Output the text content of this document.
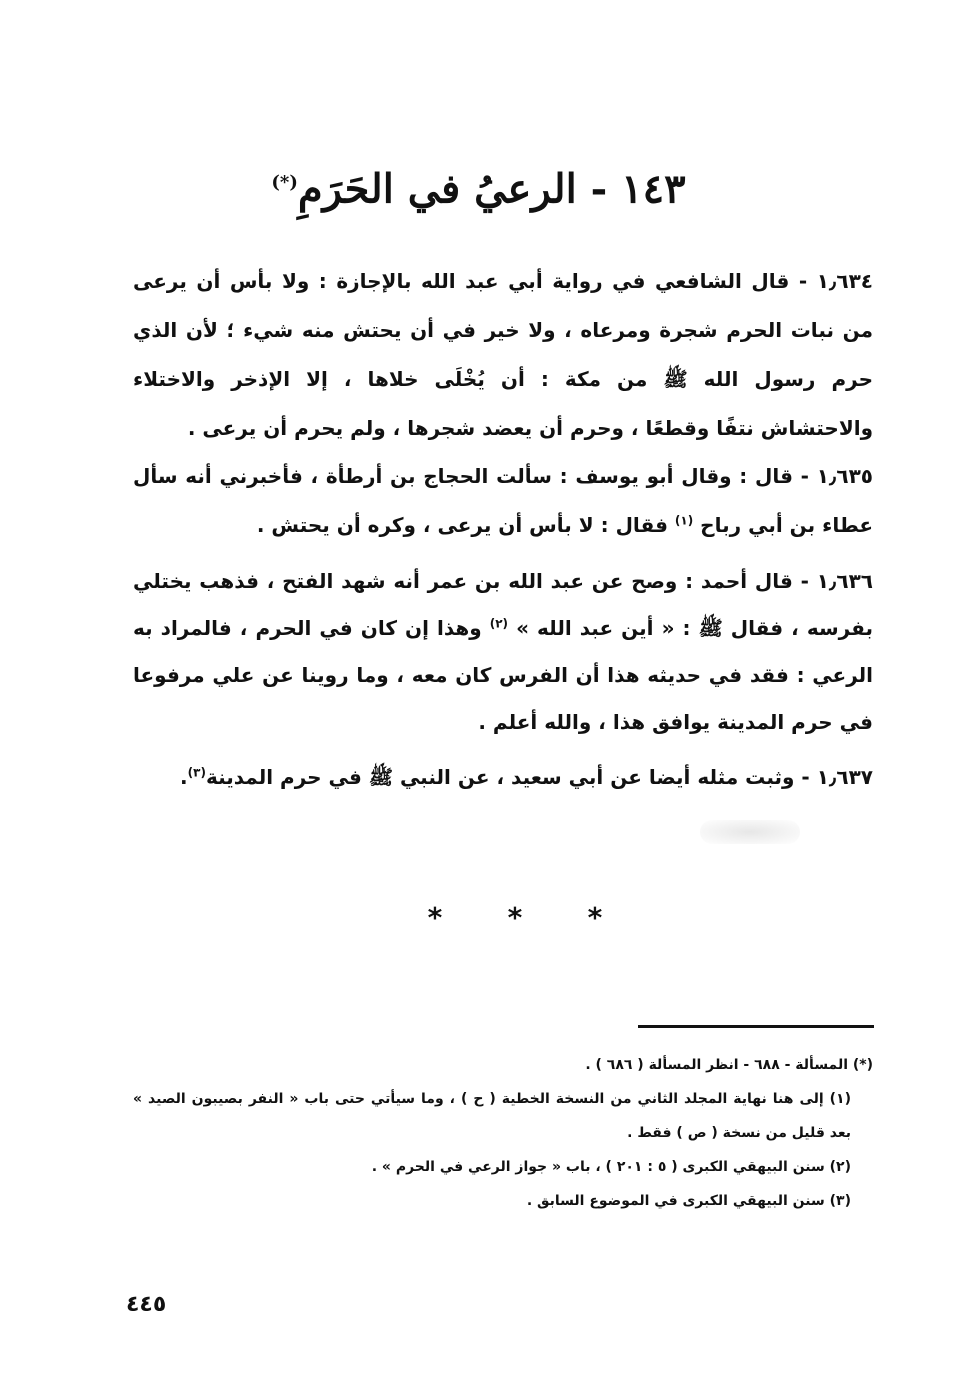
١٤٣ - الرعيُ في الحَرَمِ(*)

١٫٦٣٤ - قال الشافعي في رواية أبي عبد الله بالإجازة : ولا بأس أن يرعى من نبات الحرم شجرة ومرعاه ، ولا خير في أن يحتش منه شيء ؛ لأن الذي حرم رسول الله ﷺ من مكة : أن يُخْلَى خلاها ، إلا الإذخر والاختلاء والاحتشاش نتفًا وقطعًا ، وحرم أن يعضد شجرها ، ولم يحرم أن يرعى .

١٫٦٣٥ - قال : وقال أبو يوسف : سألت الحجاج بن أرطأة ، فأخبرني أنه سأل عطاء بن أبي رباح $^{(١)}$ فقال : لا بأس أن يرعى ، وكره أن يحتش .

١٫٦٣٦ - قال أحمد : وصح عن عبد الله بن عمر أنه شهد الفتح ، فذهب يختلي بفرسه ، فقال ﷺ : « أين عبد الله » $^{(٢)}$ وهذا إن كان في الحرم ، فالمراد به الرعي : فقد في حديثه هذا أن الفرس كان معه ، وما روينا عن علي مرفوعا في حرم المدينة يوافق هذا ، والله أعلم .

١٫٦٣٧ - وثبت مثله أيضا عن أبي سعيد ، عن النبي ﷺ في حرم المدينة$^{(٣)}$.

* * *

(*) المسألة - ٦٨٨ - انظر المسألة ( ٦٨٦ ) .

(١) إلى هنا نهاية المجلد الثاني من النسخة الخطية ( ح ) ، وما سيأتي حتى باب « النفر بصيبون الصيد » بعد قليل من نسخة ( ص ) فقط .

(٢) سنن البيهقي الكبرى ( ٥ : ٢٠١ ) ، باب « جواز الرعي في الحرم » .

(٣) سنن البيهقي الكبرى في الموضوع السابق .

٤٤٥
